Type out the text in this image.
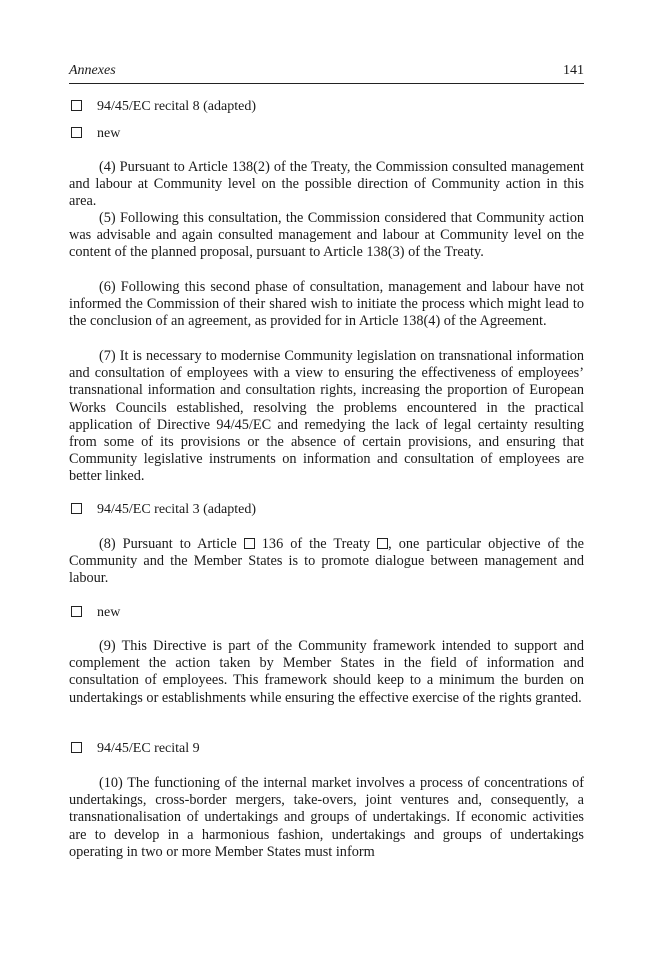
Annexes	141
94/45/EC recital 8 (adapted)
new

(4) Pursuant to Article 138(2) of the Treaty, the Commission consulted management and labour at Community level on the possible direction of Community action in this area.

(5) Following this consultation, the Commission considered that Community action was advisable and again consulted management and labour at Community level on the content of the planned proposal, pursuant to Article 138(3) of the Treaty.

(6) Following this second phase of consultation, management and labour have not informed the Commission of their shared wish to initiate the process which might lead to the conclusion of an agreement, as provided for in Article 138(4) of the Agreement.

(7) It is necessary to modernise Community legislation on transnational information and consultation of employees with a view to ensuring the effectiveness of employees’ transnational information and consultation rights, increasing the proportion of European Works Councils established, resolving the problems encountered in the practical application of Directive 94/45/EC and remedying the lack of legal certainty resulting from some of its provisions or the absence of certain provisions, and ensuring that Community legislative instruments on information and consultation of employees are better linked.

94/45/EC recital 3 (adapted)

(8) Pursuant to Article  136 of the Treaty , one particular objective of the Community and the Member States is to promote dialogue between management and labour.

new

(9) This Directive is part of the Community framework intended to support and complement the action taken by Member States in the field of information and consultation of employees. This framework should keep to a minimum the burden on undertakings or establishments while ensuring the effective exercise of the rights granted.

94/45/EC recital 9

(10) The functioning of the internal market involves a process of concentrations of undertakings, cross-border mergers, take-overs, joint ventures and, consequently, a transnationalisation of undertakings and groups of undertakings. If economic activities are to develop in a harmonious fashion, undertakings and groups of undertakings operating in two or more Member States must inform
